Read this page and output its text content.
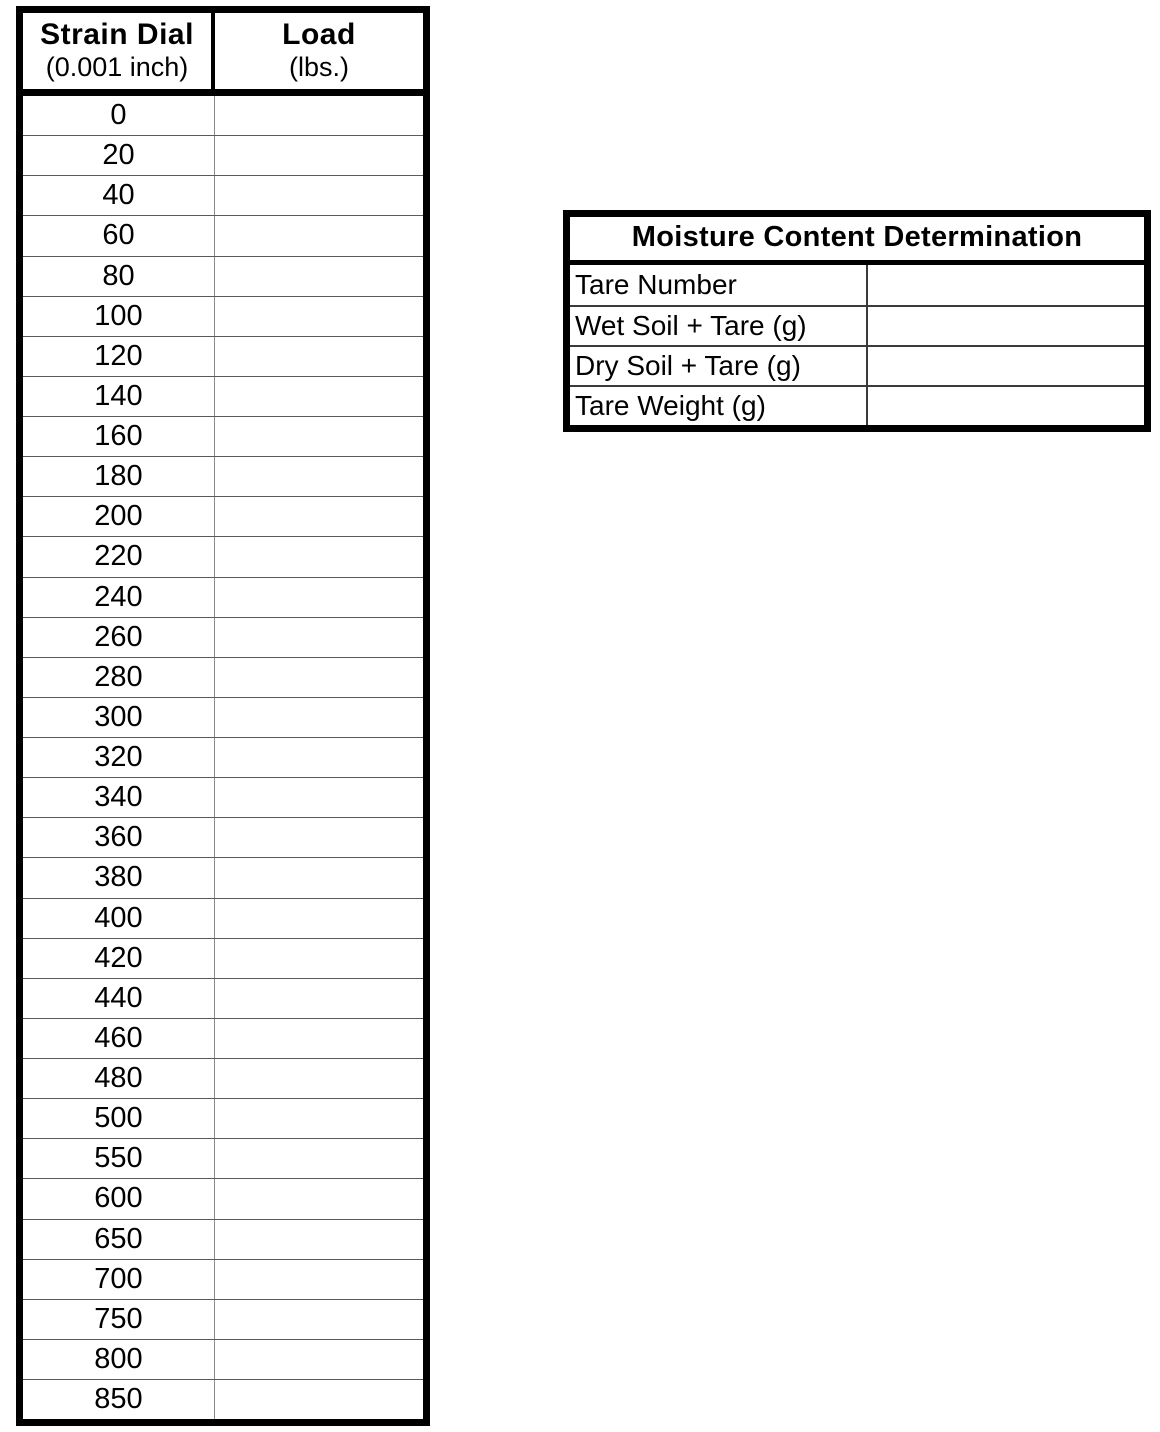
Strain Dial
(0.001 inch)
Load
(lbs.)
0
20
40
60
80
100
120
140
160
180
200
220
240
260
280
300
320
340
360
380
400
420
440
460
480
500
550
600
650
700
750
800
850
Moisture Content Determination
Tare Number
Wet Soil + Tare (g)
Dry Soil + Tare (g)
Tare Weight (g)
